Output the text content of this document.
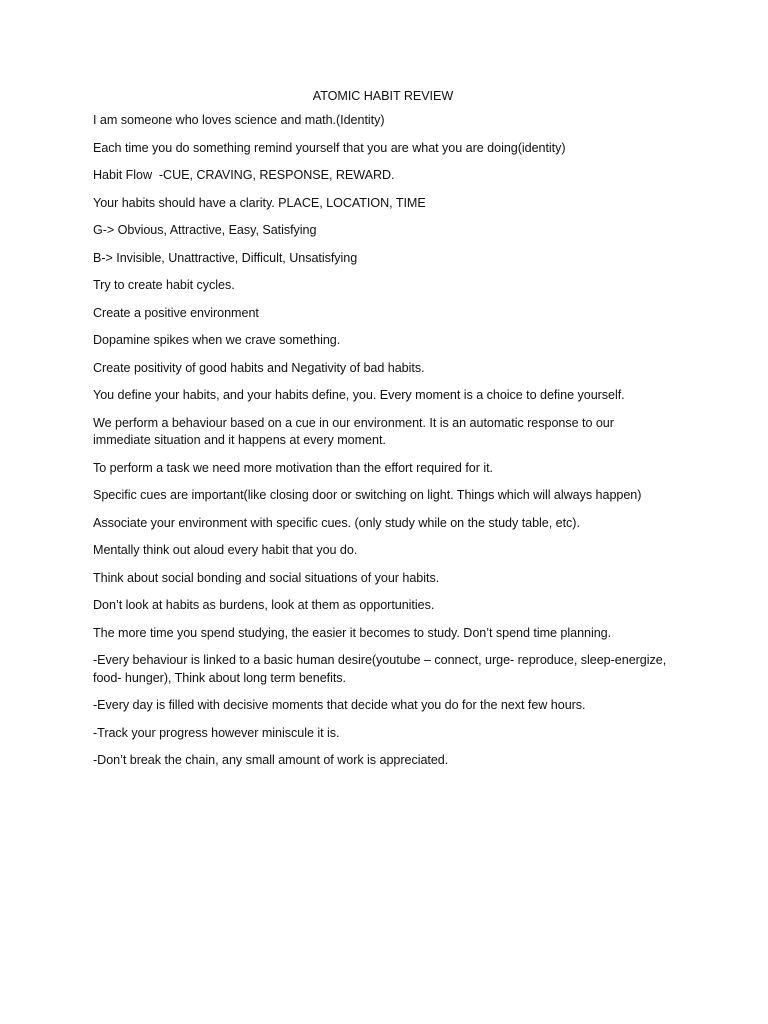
ATOMIC HABIT REVIEW

I am someone who loves science and math.(Identity)

Each time you do something remind yourself that you are what you are doing(identity)

Habit Flow  -CUE, CRAVING, RESPONSE, REWARD.

Your habits should have a clarity. PLACE, LOCATION, TIME

G-> Obvious, Attractive, Easy, Satisfying

B-> Invisible, Unattractive, Difficult, Unsatisfying

Try to create habit cycles.

Create a positive environment

Dopamine spikes when we crave something.

Create positivity of good habits and Negativity of bad habits.

You define your habits, and your habits define, you. Every moment is a choice to define yourself.

We perform a behaviour based on a cue in our environment. It is an automatic response to our immediate situation and it happens at every moment.

To perform a task we need more motivation than the effort required for it.

Specific cues are important(like closing door or switching on light. Things which will always happen)

Associate your environment with specific cues. (only study while on the study table, etc).

Mentally think out aloud every habit that you do.

Think about social bonding and social situations of your habits.

Don’t look at habits as burdens, look at them as opportunities.

The more time you spend studying, the easier it becomes to study. Don’t spend time planning.

-Every behaviour is linked to a basic human desire(youtube – connect, urge- reproduce, sleep-energize, food- hunger), Think about long term benefits.

-Every day is filled with decisive moments that decide what you do for the next few hours.

-Track your progress however miniscule it is.

-Don’t break the chain, any small amount of work is appreciated.
